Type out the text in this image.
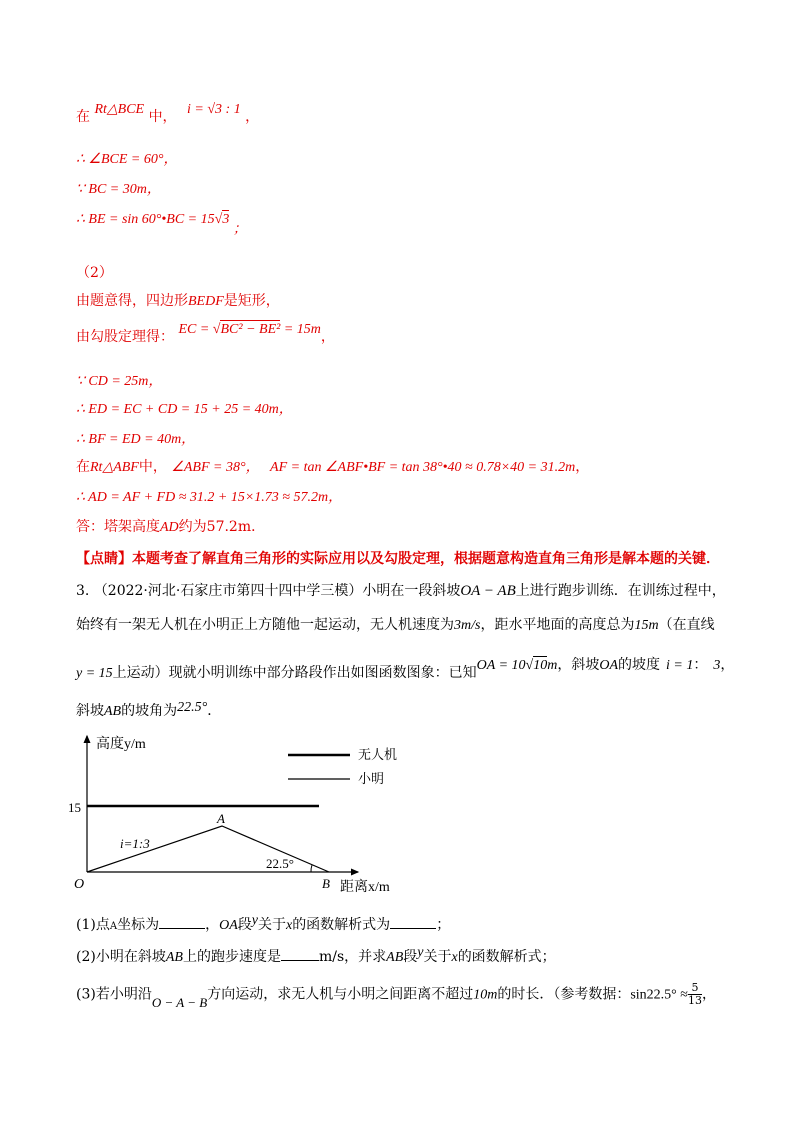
在 Rt△BCE 中， i = √3 : 1 ，
∴ ∠BCE = 60°，
∵ BC = 30m，
∴ BE = sin 60°•BC = 15√3 ；
（2）
由题意得，四边形BEDF是矩形，
由勾股定理得： EC = √BC² − BE² = 15m，
∵ CD = 25m，
∴ ED = EC + CD = 15 + 25 = 40m，
∴ BF = ED = 40m，
在Rt△ABF中， ∠ABF = 38°， AF = tan ∠ABF•BF = tan 38°•40 ≈ 0.78×40 = 31.2m，
∴ AD = AF + FD ≈ 31.2 + 15×1.73 ≈ 57.2m，
答：塔架高度AD约为57.2m．
【点睛】本题考查了解直角三角形的实际应用以及勾股定理，根据题意构造直角三角形是解本题的关键．
3. （2022·河北·石家庄市第四十四中学三模）小明在一段斜坡OA − AB上进行跑步训练．在训练过程中，
始终有一架无人机在小明正上方随他一起运动，无人机速度为3m/s，距水平地面的高度总为15m（在直线
y = 15上运动）现就小明训练中部分路段作出如图函数图象：已知OA = 10√10m，斜坡OA的坡度 i = 1： 3，
斜坡AB的坡角为22.5°．
高度y/m
距离x/m
O
15
A
B
i=1:3
22.5°
无人机
小明
(1)点A坐标为	，OA段y关于x的函数解析式为	；
(2)小明在斜坡AB上的跑步速度是	m/s，并求AB段y关于x的函数解析式；
(3)若小明沿O − A − B方向运动，求无人机与小明之间距离不超过10m的时长．（参考数据：$\sin 22.5^\circ \approx \frac{5}{13}$ ，
